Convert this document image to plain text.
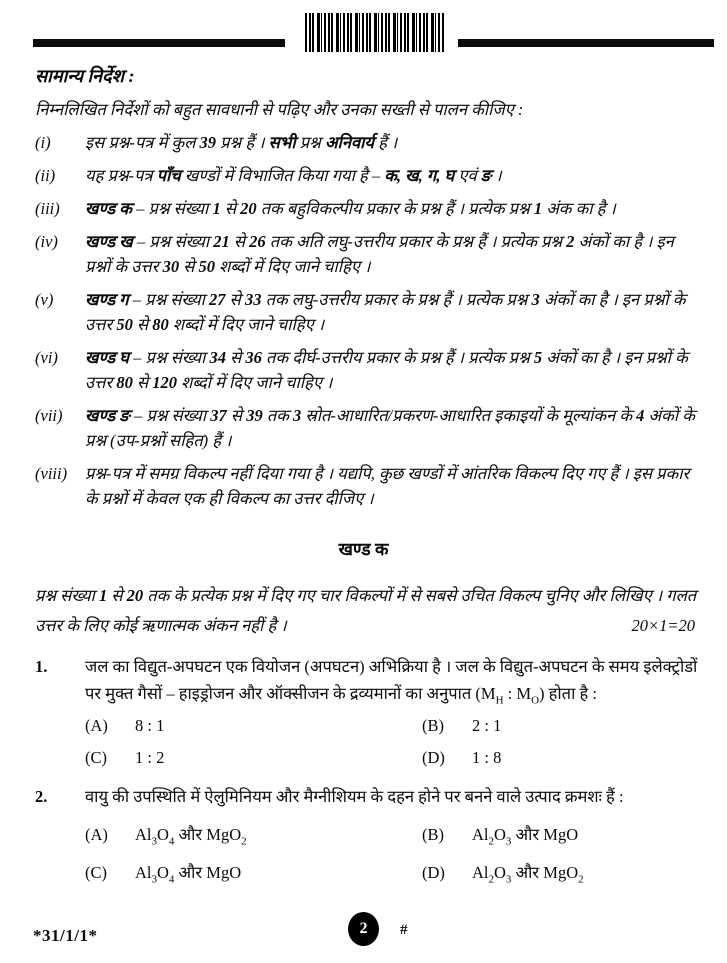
सामान्य निर्देश :
निम्नलिखित निर्देशों को बहुत सावधानी से पढ़िए और उनका सख्ती से पालन कीजिए :
(i)	इस प्रश्न-पत्र में कुल 39 प्रश्न हैं । सभी प्रश्न अनिवार्य हैं ।
(ii)	यह प्रश्न-पत्र पाँच खण्डों में विभाजित किया गया है – क, ख, ग, घ एवं ङ ।
(iii)	खण्ड क – प्रश्न संख्या 1 से 20 तक बहुविकल्पीय प्रकार के प्रश्न हैं । प्रत्येक प्रश्न 1 अंक का है ।
(iv)	खण्ड ख – प्रश्न संख्या 21 से 26 तक अति लघु-उत्तरीय प्रकार के प्रश्न हैं । प्रत्येक प्रश्न 2 अंकों का है । इन प्रश्नों के उत्तर 30 से 50 शब्दों में दिए जाने चाहिए ।
(v)	खण्ड ग – प्रश्न संख्या 27 से 33 तक लघु-उत्तरीय प्रकार के प्रश्न हैं । प्रत्येक प्रश्न 3 अंकों का है । इन प्रश्नों के उत्तर 50 से 80 शब्दों में दिए जाने चाहिए ।
(vi)	खण्ड घ – प्रश्न संख्या 34 से 36 तक दीर्घ-उत्तरीय प्रकार के प्रश्न हैं । प्रत्येक प्रश्न 5 अंकों का है । इन प्रश्नों के उत्तर 80 से 120 शब्दों में दिए जाने चाहिए ।
(vii)	खण्ड ङ – प्रश्न संख्या 37 से 39 तक 3 स्रोत-आधारित/प्रकरण-आधारित इकाइयों के मूल्यांकन के 4 अंकों के प्रश्न (उप-प्रश्नों सहित) हैं ।
(viii)	प्रश्न-पत्र में समग्र विकल्प नहीं दिया गया है । यद्यपि, कुछ खण्डों में आंतरिक विकल्प दिए गए हैं । इस प्रकार के प्रश्नों में केवल एक ही विकल्प का उत्तर दीजिए ।
खण्ड क
प्रश्न संख्या 1 से 20 तक के प्रत्येक प्रश्न में दिए गए चार विकल्पों में से सबसे उचित विकल्प चुनिए और लिखिए । गलत उत्तर के लिए कोई ऋणात्मक अंकन नहीं है ।	20×1=20
1.	जल का विद्युत-अपघटन एक वियोजन (अपघटन) अभिक्रिया है । जल के विद्युत-अपघटन के समय इलेक्ट्रोडों पर मुक्त गैसों – हाइड्रोजन और ऑक्सीजन के द्रव्यमानों का अनुपात ($M_H$ : $M_O$) होता है :
(A)	8 : 1	(B)	2 : 1
(C)	1 : 2	(D)	1 : 8
2.	वायु की उपस्थिति में ऐलुमिनियम और मैग्नीशियम के दहन होने पर बनने वाले उत्पाद क्रमशः हैं :
(A)	$Al_3O_4$ और MgO$_2$	(B)	$Al_2O_3$ और MgO
(C)	$Al_3O_4$ और MgO	(D)	$Al_2O_3$ और MgO$_2$
*31/1/1*	2	#
